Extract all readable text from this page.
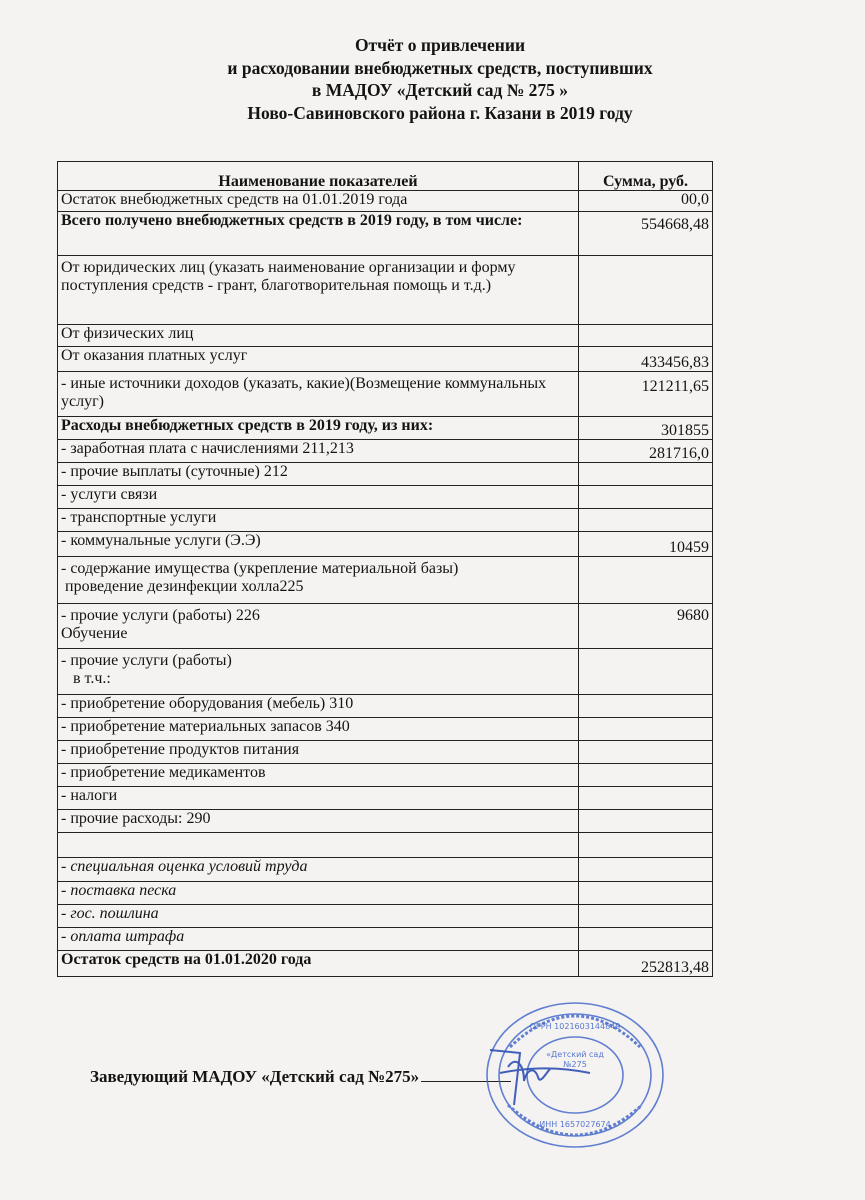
Отчёт о привлечении
и расходовании внебюджетных средств, поступивших
в МАДОУ «Детский сад № 275 »
Ново-Савиновского района г. Казани в 2019 году
Наименование показателей	Сумма, руб.
Остаток внебюджетных средств на 01.01.2019 года	00,0
Всего получено внебюджетных средств в 2019 году, в том числе:	554668,48
От юридических лиц (указать наименование организации и форму поступления средств - грант, благотворительная помощь и т.д.)	
От физических лиц	
От оказания платных услуг	433456,83
- иные источники доходов (указать, какие)(Возмещение коммунальных услуг)	121211,65
Расходы внебюджетных средств в 2019 году, из них:	301855
- заработная плата с начислениями 211,213	281716,0
- прочие выплаты (суточные) 212	
- услуги связи	
- транспортные услуги	
- коммунальные услуги (Э.Э)	10459

- содержание имущества (укрепление материальной базы)
проведение дезинфекции холла225	

- прочие услуги (работы) 226
Обучение	9680

- прочие услуги (работы)
в т.ч.:	

- приобретение оборудования (мебель) 310	
- приобретение материальных запасов 340	
- приобретение продуктов питания	
- приобретение медикаментов	
- налоги	
- прочие расходы: 290	

- специальная оценка условий труда	
- поставка песка	
- гос. пошлина	
- оплата штрафа	
Остаток средств на 01.01.2020 года	252813,48
Заведующий МАДОУ «Детский сад №275»
ОГРН 1021603144849
«Детский сад
№275
ИНН 1657027674
